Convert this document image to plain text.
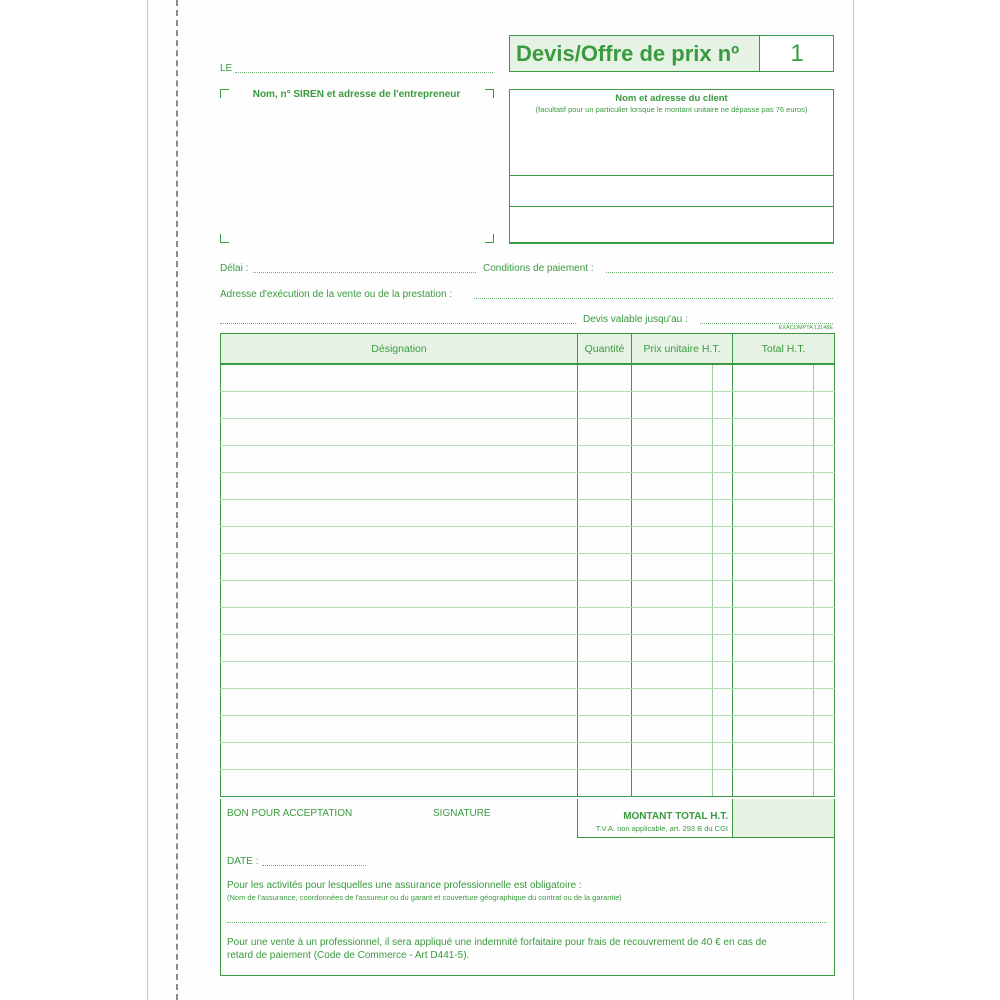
LE
Devis/Offre de prix nº	1
Nom, n° SIREN et adresse de l'entrepreneur	Nom et adresse du client
(facultatif pour un particulier lorsque le montant unitaire ne dépasse pas 76 euros)
Délai :	Conditions de paiement :
Adresse d'exécution de la vente ou de la prestation :
Devis valable jusqu'au :
EXACOMPTA 13148E
Désignation	Quantité	Prix unitaire H.T.		Total H.T.	

BON POUR ACCEPTATION	SIGNATURE	MONTANT TOTAL H.T.
T.V.A. non applicable, art. 293 B du CGI
DATE :
Pour les activités pour lesquelles une assurance professionnelle est obligatoire :
(Nom de l'assurance, coordonnées de l'assureur ou du garant et couverture géographique du contrat ou de la garantie)
Pour une vente à un professionnel, il sera appliqué une indemnité forfaitaire pour frais de recouvrement de 40 € en cas de
retard de paiement (Code de Commerce - Art D441-5).
